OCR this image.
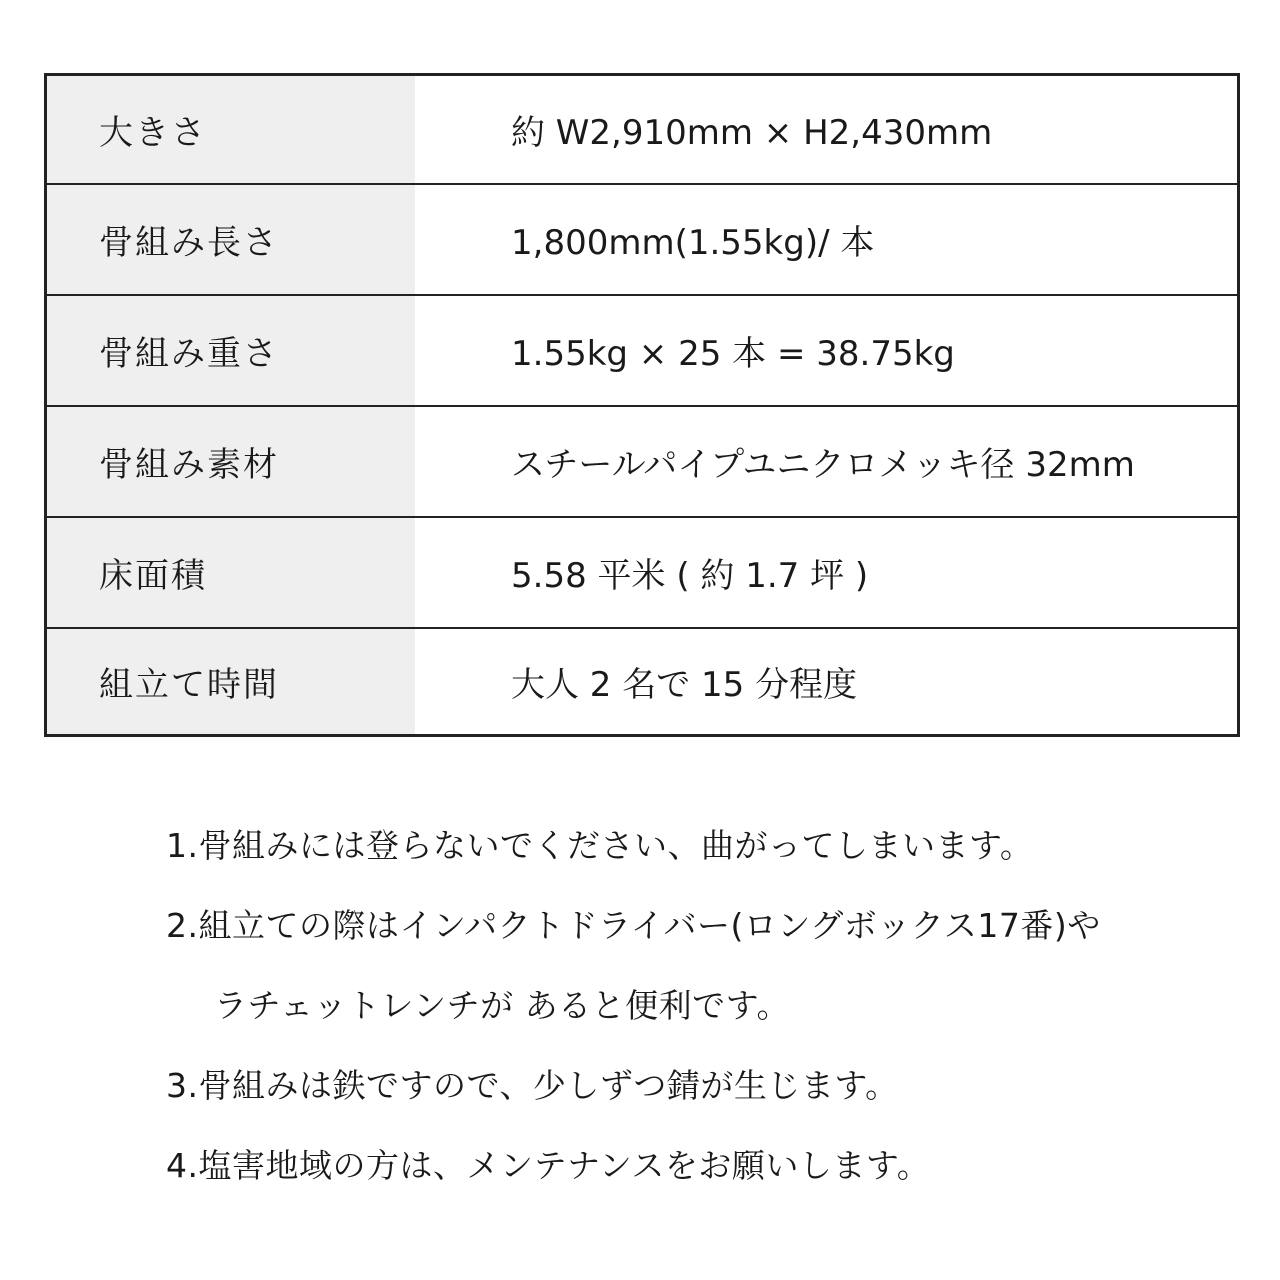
大きさ	約 W2,910mm × H2,430mm
骨組み長さ	1,800mm(1.55kg)/ 本
骨組み重さ	1.55kg × 25 本 = 38.75kg
骨組み素材	スチールパイプユニクロメッキ径 32mm
床面積	5.58 平米 ( 約 1.7 坪 )
組立て時間	大人 2 名で 15 分程度
1.骨組みには登らないでください、曲がってしまいます。
2.組立ての際はインパクトドライバー(ロングボックス17番)や
ラチェットレンチが あると便利です。
3.骨組みは鉄ですので、少しずつ錆が生じます。
4.塩害地域の方は、メンテナンスをお願いします。
